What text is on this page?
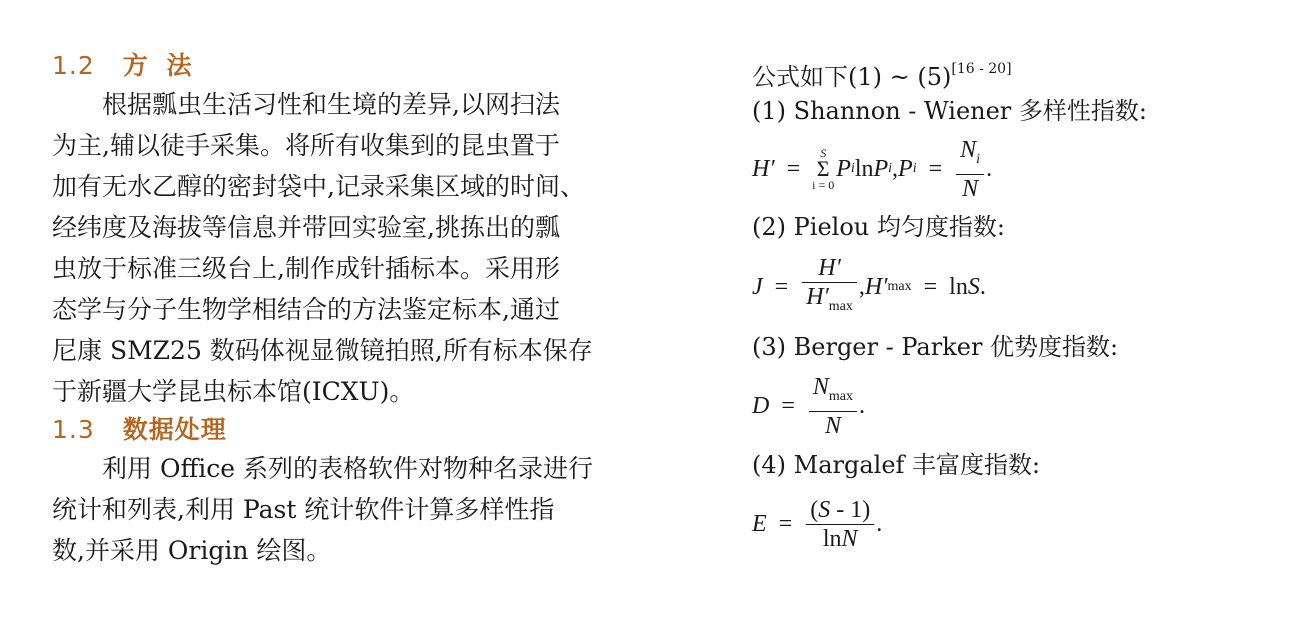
1.2 方 法
根据瓢虫生活习性和生境的差异,以网扫法
为主,辅以徒手采集。将所有收集到的昆虫置于
加有无水乙醇的密封袋中,记录采集区域的时间、
经纬度及海拔等信息并带回实验室,挑拣出的瓢
虫放于标准三级台上,制作成针插标本。采用形
态学与分子生物学相结合的方法鉴定标本,通过
尼康 SMZ25 数码体视显微镜拍照,所有标本保存
于新疆大学昆虫标本馆(ICXU)。
1.3 数据处理
利用 Office 系列的表格软件对物种名录进行
统计和列表,利用 Past 统计软件计算多样性指
数,并采用 Origin 绘图。
公式如下(1) ~ (5)[16 - 20]
(1) Shannon - Wiener 多样性指数:
H′ =
S
Σ
i = 0
P i ln P i , P $i = \frac{N_i}{N}$ .
(2) Pielou 均匀度指数:
$J = \frac{H'}{H'_{max}}$ , H′ max = ln S .
(3) Berger - Parker 优势度指数:
$D = \frac{N_{max}}{N}$ .
(4) Margalef 丰富度指数:
$E = \frac{(S - 1)}{\ln N}$ .
